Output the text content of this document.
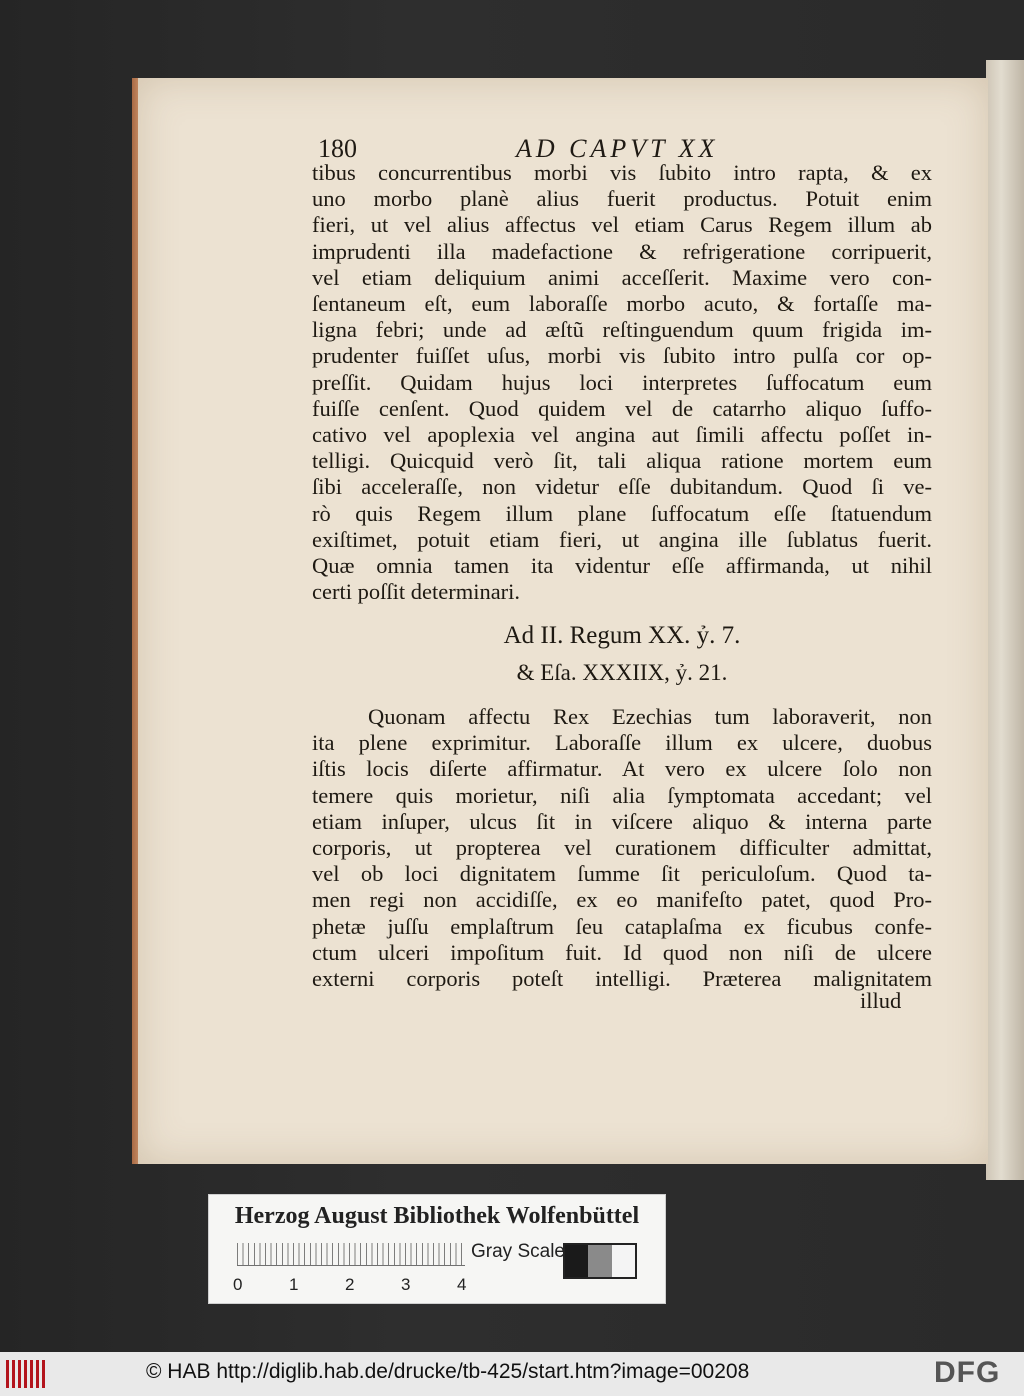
180	AD CAPVT XX
tibus concurrentibus morbi vis ſubito intro rapta, & ex
uno morbo planè alius fuerit productus. Potuit enim
fieri, ut vel alius affectus vel etiam Carus Regem illum ab
imprudenti illa madefactione & refrigeratione corripuerit,
vel etiam deliquium animi acceſſerit. Maxime vero con-
ſentaneum eſt, eum laboraſſe morbo acuto, & fortaſſe ma-
ligna febri; unde ad æſtũ reſtinguendum quum frigida im-
prudenter fuiſſet uſus, morbi vis ſubito intro pulſa cor op-
preſſit. Quidam hujus loci interpretes ſuffocatum eum
fuiſſe cenſent. Quod quidem vel de catarrho aliquo ſuffo-
cativo vel apoplexia vel angina aut ſimili affectu poſſet in-
telligi. Quicquid verò ſit, tali aliqua ratione mortem eum
ſibi acceleraſſe, non videtur eſſe dubitandum. Quod ſi ve-
rò quis Regem illum plane ſuffocatum eſſe ſtatuendum
exiſtimet, potuit etiam fieri, ut angina ille ſublatus fuerit.
Quæ omnia tamen ita videntur eſſe affirmanda, ut nihil
certi poſſit determinari.
Ad II. Regum XX. ỷ. 7.
& Eſa. XXXIIX, ỷ. 21.
Quonam affectu Rex Ezechias tum laboraverit, non
ita plene exprimitur. Laboraſſe illum ex ulcere, duobus
iſtis locis diſerte affirmatur. At vero ex ulcere ſolo non
temere quis morietur, niſi alia ſymptomata accedant; vel
etiam inſuper, ulcus ſit in viſcere aliquo & interna parte
corporis, ut propterea vel curationem difficulter admittat,
vel ob loci dignitatem ſumme ſit periculoſum. Quod ta-
men regi non accidiſſe, ex eo manifeſto patet, quod Pro-
phetæ juſſu emplaſtrum ſeu cataplaſma ex ficubus confe-
ctum ulceri impoſitum fuit. Id quod non niſi de ulcere
externi corporis poteſt intelligi. Præterea malignitatem
illud
Herzog August Bibliothek Wolfenbüttel
0	1	2	3	4
Gray Scale
© HAB http://diglib.hab.de/drucke/tb-425/start.htm?image=00208	DFG
